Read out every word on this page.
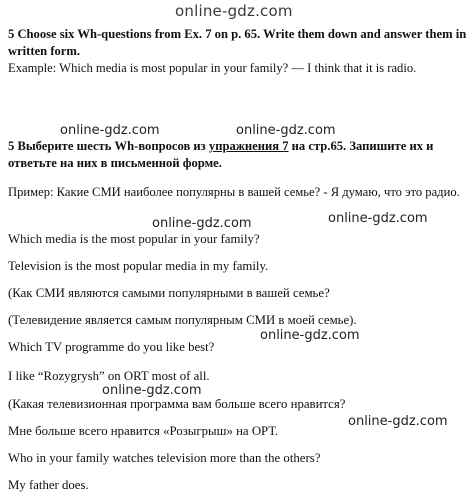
online-gdz.com
5 Choose six Wh-questions from Ex. 7 on p. 65. Write them down and answer them in written form.
Example: Which media is most popular in your family? — I think that it is radio.
5 Выберите шесть Wh-вопросов из упражнения 7 на стр.65. Запишите их и ответьте на них в письменной форме.
Пример: Какие СМИ наиболее популярны в вашей семье? - Я думаю, что это радио.
Which media is the most popular in your family?
Television is the most popular media in my family.
(Как СМИ являются самыми популярными в вашей семье?
(Телевидение является самым популярным СМИ в моей семье).
Which TV programme do you like best?
I like “Rozygrysh” on ORT most of all.
(Какая телевизионная программа вам больше всего нравится?
Мне больше всего нравится «Розыгрыш» на ОРТ.
Who in your family watches television more than the others?
My father does.
online-gdz.com	online-gdz.com
online-gdz.com	online-gdz.com
online-gdz.com
online-gdz.com
online-gdz.com
